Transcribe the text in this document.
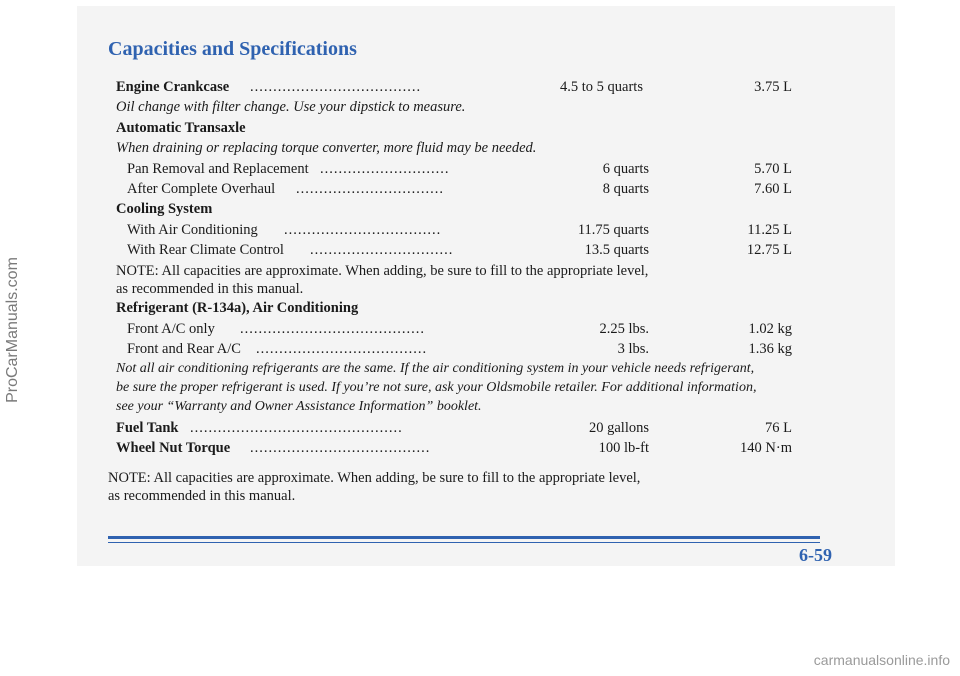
Capacities and Specifications
Engine Crankcase .....................................	4.5 to 5 quarts	3.75 L
Oil change with filter change. Use your dipstick to measure.
Automatic Transaxle
When draining or replacing torque converter, more fluid may be needed.
Pan Removal and Replacement ............................	6 quarts	5.70 L
After Complete Overhaul ................................	8 quarts	7.60 L
Cooling System
With Air Conditioning ..................................	11.75 quarts	11.25 L
With Rear Climate Control ...............................	13.5 quarts	12.75 L
NOTE: All capacities are approximate. When adding, be sure to fill to the appropriate level,
as recommended in this manual.
Refrigerant (R-134a), Air Conditioning
Front A/C only ........................................	2.25 lbs.	1.02 kg
Front and Rear A/C .....................................	3 lbs.	1.36 kg
Not all air conditioning refrigerants are the same. If the air conditioning system in your vehicle needs refrigerant,
be sure the proper refrigerant is used. If you’re not sure, ask your Oldsmobile retailer. For additional information,
see your “Warranty and Owner Assistance Information” booklet.
Fuel Tank ..............................................	20 gallons	76 L
Wheel Nut Torque .......................................	100 lb-ft	140 N·m
NOTE: All capacities are approximate. When adding, be sure to fill to the appropriate level,
as recommended in this manual.
6-59
ProCarManuals.com
carmanualsonline.info
